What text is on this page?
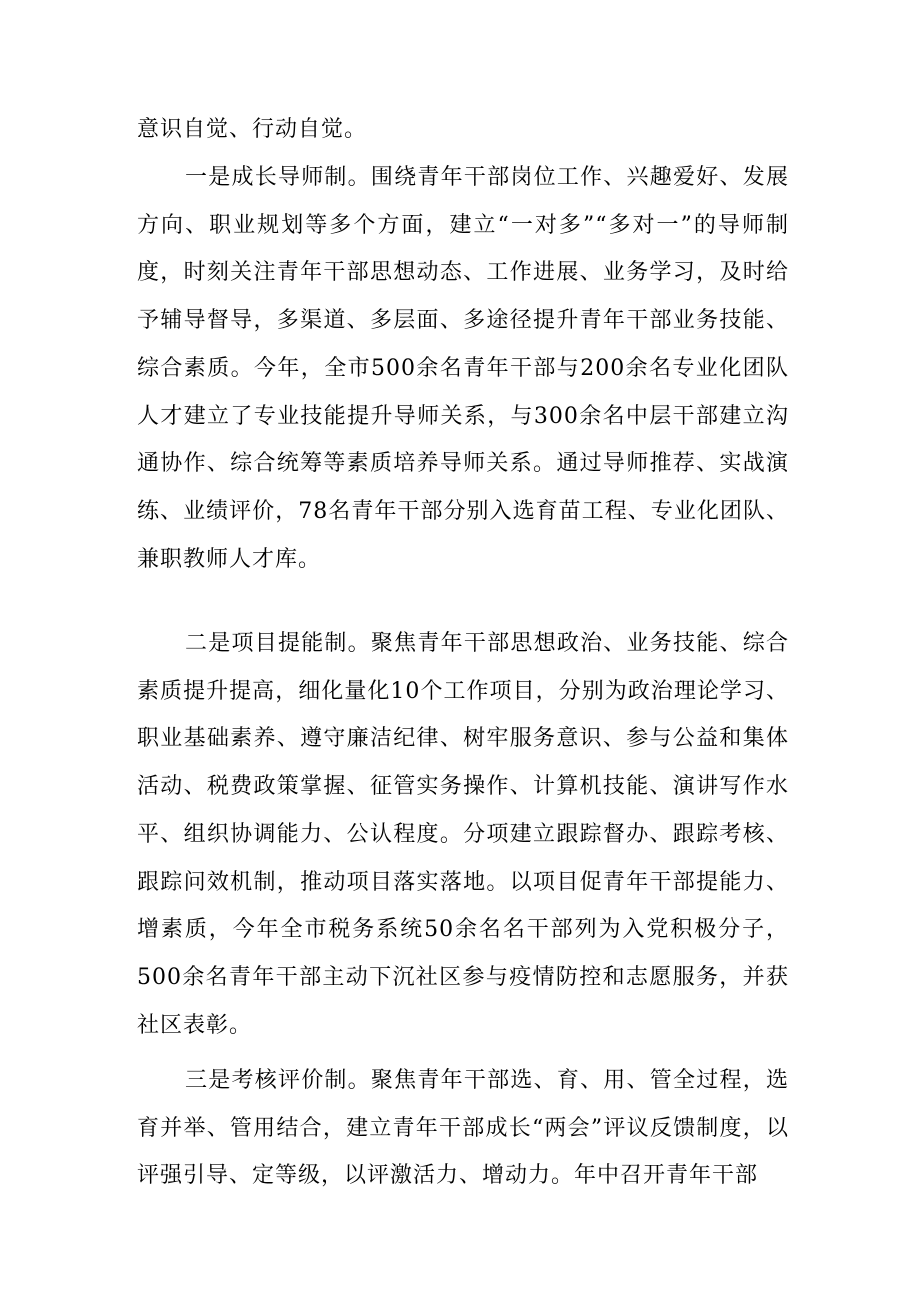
意识自觉、行动自觉。

一是成长导师制。围绕青年干部岗位工作、兴趣爱好、发展方向、职业规划等多个方面，建立“一对多”“多对一”的导师制度，时刻关注青年干部思想动态、工作进展、业务学习，及时给予辅导督导，多渠道、多层面、多途径提升青年干部业务技能、综合素质。今年，全市500余名青年干部与200余名专业化团队人才建立了专业技能提升导师关系，与300余名中层干部建立沟通协作、综合统筹等素质培养导师关系。通过导师推荐、实战演练、业绩评价，78名青年干部分别入选育苗工程、专业化团队、兼职教师人才库。

二是项目提能制。聚焦青年干部思想政治、业务技能、综合素质提升提高，细化量化10个工作项目，分别为政治理论学习、职业基础素养、遵守廉洁纪律、树牢服务意识、参与公益和集体活动、税费政策掌握、征管实务操作、计算机技能、演讲写作水平、组织协调能力、公认程度。分项建立跟踪督办、跟踪考核、跟踪问效机制，推动项目落实落地。以项目促青年干部提能力、增素质，今年全市税务系统50余名名干部列为入党积极分子，500余名青年干部主动下沉社区参与疫情防控和志愿服务，并获社区表彰。

三是考核评价制。聚焦青年干部选、育、用、管全过程，选育并举、管用结合，建立青年干部成长“两会”评议反馈制度，以评强引导、定等级，以评激活力、增动力。年中召开青年干部
